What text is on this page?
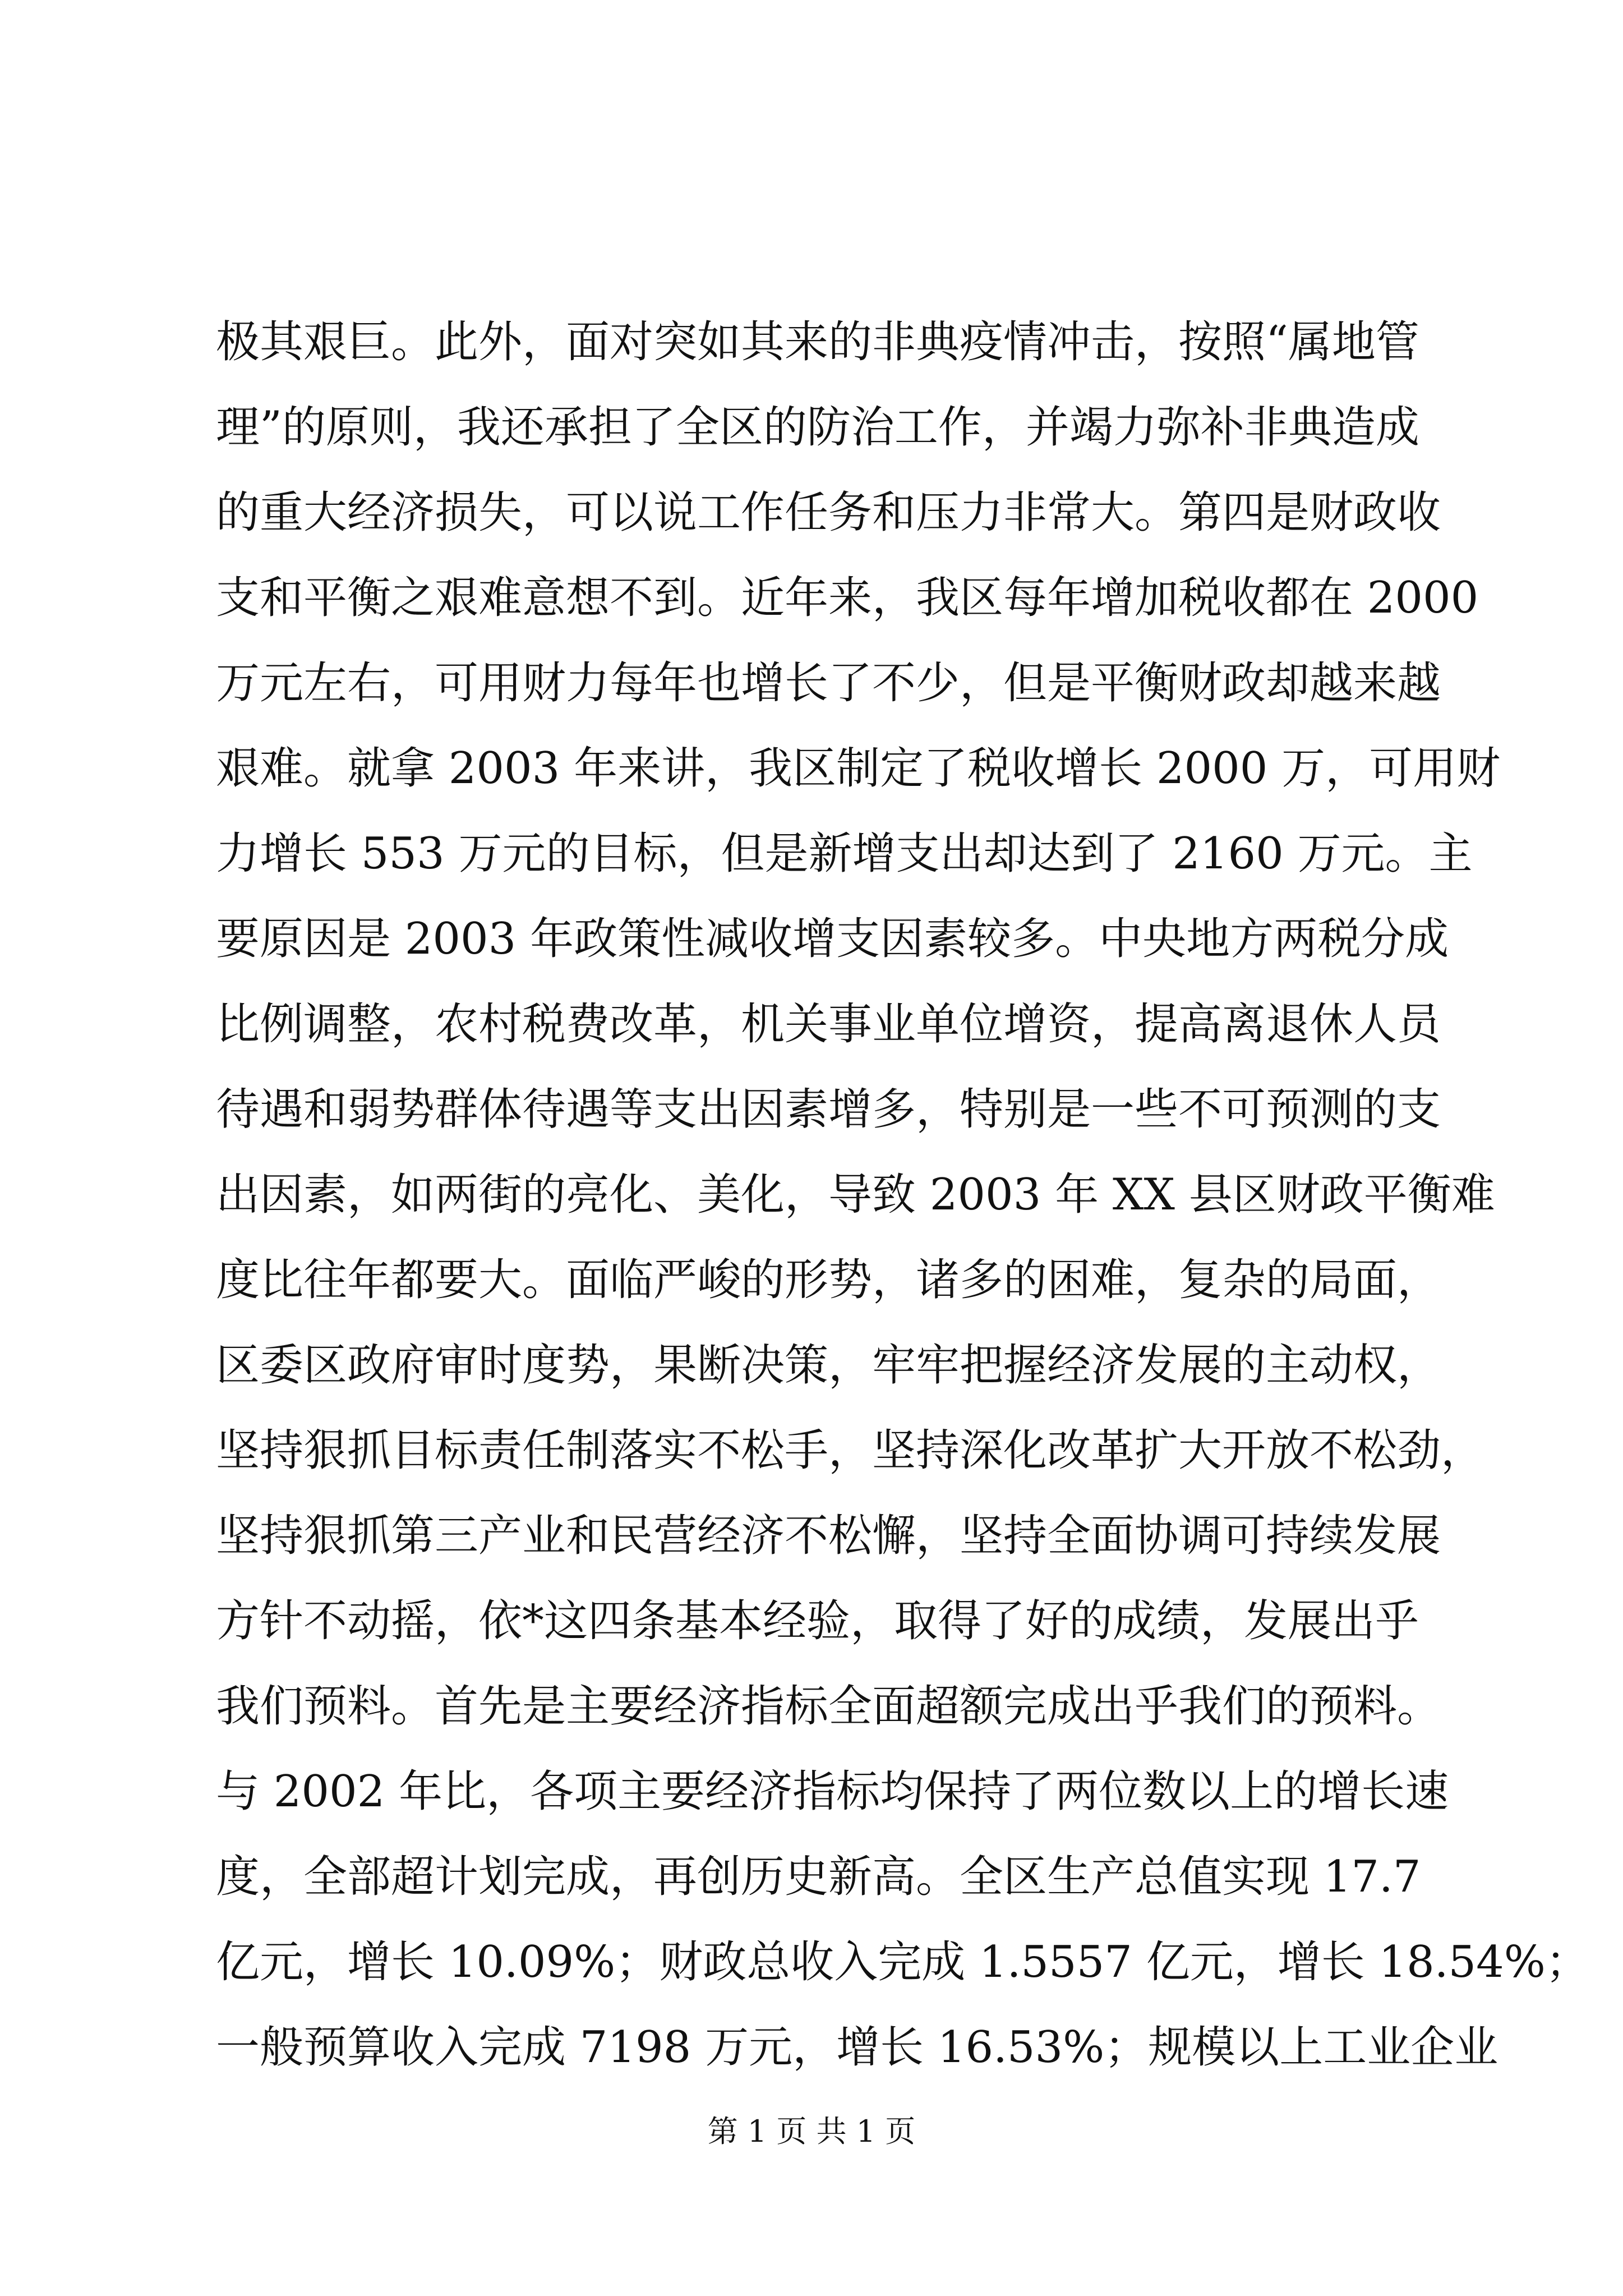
极其艰巨。此外，面对突如其来的非典疫情冲击，按照“属地管
理”的原则，我还承担了全区的防治工作，并竭力弥补非典造成
的重大经济损失，可以说工作任务和压力非常大。第四是财政收
支和平衡之艰难意想不到。近年来，我区每年增加税收都在 2000
万元左右，可用财力每年也增长了不少，但是平衡财政却越来越
艰难。就拿 2003 年来讲，我区制定了税收增长 2000 万，可用财
力增长 553 万元的目标，但是新增支出却达到了 2160 万元。主
要原因是 2003 年政策性减收增支因素较多。中央地方两税分成
比例调整，农村税费改革，机关事业单位增资，提高离退休人员
待遇和弱势群体待遇等支出因素增多，特别是一些不可预测的支
出因素，如两街的亮化、美化，导致 2003 年 XX 县区财政平衡难
度比往年都要大。面临严峻的形势，诸多的困难，复杂的局面，
区委区政府审时度势，果断决策，牢牢把握经济发展的主动权，
坚持狠抓目标责任制落实不松手，坚持深化改革扩大开放不松劲，
坚持狠抓第三产业和民营经济不松懈，坚持全面协调可持续发展
方针不动摇，依*这四条基本经验，取得了好的成绩，发展出乎
我们预料。首先是主要经济指标全面超额完成出乎我们的预料。
与 2002 年比，各项主要经济指标均保持了两位数以上的增长速
度，全部超计划完成，再创历史新高。全区生产总值实现 17.7
亿元，增长 10.09%；财政总收入完成 1.5557 亿元，增长 18.54%；
一般预算收入完成 7198 万元，增长 16.53%；规模以上工业企业
第 1 页 共 1 页
